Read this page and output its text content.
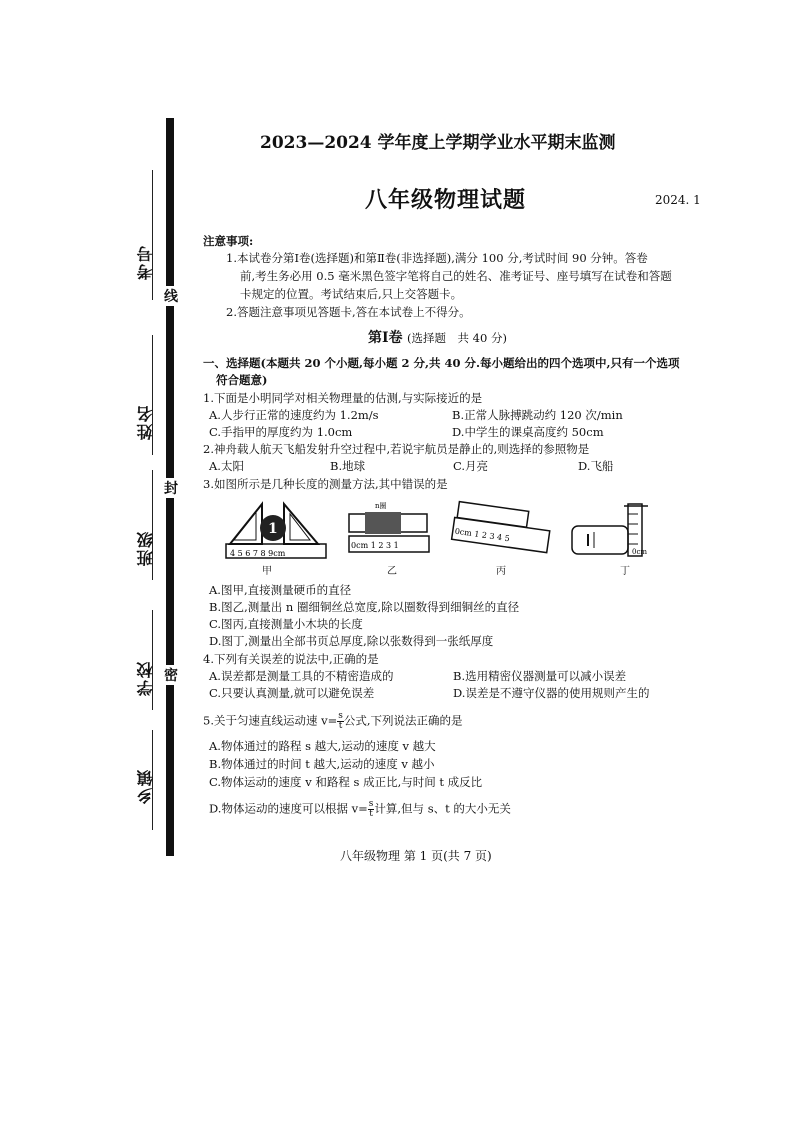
考号
姓名
班级
学校
乡镇
线
封
密
2023—2024 学年度上学期学业水平期末监测
八年级物理试题	2024. 1
注意事项:
1.本试卷分第Ⅰ卷(选择题)和第Ⅱ卷(非选择题),满分 100 分,考试时间 90 分钟。答卷
前,考生务必用 0.5 毫米黑色签字笔将自己的姓名、准考证号、座号填写在试卷和答题
卡规定的位置。考试结束后,只上交答题卡。
2.答题注意事项见答题卡,答在本试卷上不得分。
第Ⅰ卷 (选择题　共 40 分)
一、选择题(本题共 20 个小题,每小题 2 分,共 40 分.每小题给出的四个选项中,只有一个选项
符合题意)
1.下面是小明同学对相关物理量的估测,与实际接近的是
A.人步行正常的速度约为 1.2m/s	B.正常人脉搏跳动约 120 次/min
C.手指甲的厚度约为 1.0cm	D.中学生的课桌高度约 50cm
2.神舟载人航天飞船发射升空过程中,若说宇航员是静止的,则选择的参照物是
A.太阳	B.地球	C.月亮	D.飞船
3.如图所示是几种长度的测量方法,其中错误的是
1
4 5 6 7 8 9cm
n圈
0cm 1 2 3 1
0cm 1 2 3 4 5
0cm
甲	乙	丙	丁
A.图甲,直接测量硬币的直径
B.图乙,测量出 n 圈细铜丝总宽度,除以圈数得到细铜丝的直径
C.图丙,直接测量小木块的长度
D.图丁,测量出全部书页总厚度,除以张数得到一张纸厚度
4.下列有关误差的说法中,正确的是
A.误差都是测量工具的不精密造成的	B.选用精密仪器测量可以减小误差
C.只要认真测量,就可以避免误差	D.误差是不遵守仪器的使用规则产生的
5.关于匀速直线运动速 $v= \frac{s}{t}$ 公式,下列说法正确的是
A.物体通过的路程 s 越大,运动的速度 v 越大
B.物体通过的时间 t 越大,运动的速度 v 越小
C.物体运动的速度 v 和路程 s 成正比,与时间 t 成反比
D.物体运动的速度可以根据 $v= \frac{s}{t}$ 计算,但与 s、t 的大小无关
八年级物理 第 1 页(共 7 页)
